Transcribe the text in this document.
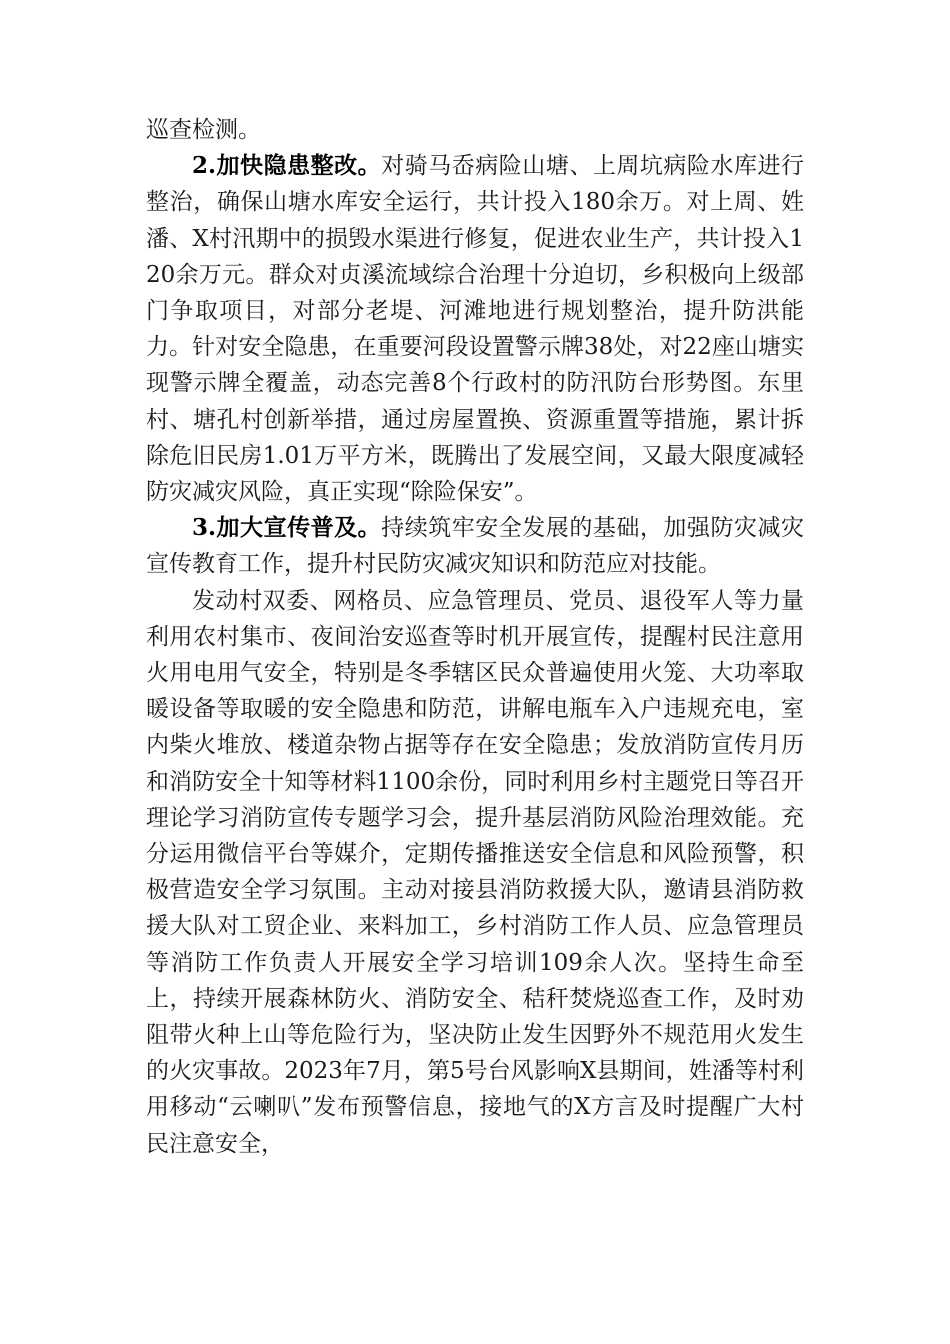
巡查检测。

2.加快隐患整改。对骑马岙病险山塘、上周坑病险水库进行整治，确保山塘水库安全运行，共计投入180余万。对上周、姓潘、X村汛期中的损毁水渠进行修复，促进农业生产，共计投入120余万元。群众对贞溪流域综合治理十分迫切，乡积极向上级部门争取项目，对部分老堤、河滩地进行规划整治，提升防洪能力。针对安全隐患，在重要河段设置警示牌38处，对22座山塘实现警示牌全覆盖，动态完善8个行政村的防汛防台形势图。东里村、塘孔村创新举措，通过房屋置换、资源重置等措施，累计拆除危旧民房1.01万平方米，既腾出了发展空间，又最大限度减轻防灾减灾风险，真正实现“除险保安”。

3.加大宣传普及。持续筑牢安全发展的基础，加强防灾减灾宣传教育工作，提升村民防灾减灾知识和防范应对技能。

发动村双委、网格员、应急管理员、党员、退役军人等力量利用农村集市、夜间治安巡查等时机开展宣传，提醒村民注意用火用电用气安全，特别是冬季辖区民众普遍使用火笼、大功率取暖设备等取暖的安全隐患和防范，讲解电瓶车入户违规充电，室内柴火堆放、楼道杂物占据等存在安全隐患；发放消防宣传月历和消防安全十知等材料1100余份，同时利用乡村主题党日等召开理论学习消防宣传专题学习会，提升基层消防风险治理效能。充分运用微信平台等媒介，定期传播推送安全信息和风险预警，积极营造安全学习氛围。主动对接县消防救援大队，邀请县消防救援大队对工贸企业、来料加工，乡村消防工作人员、应急管理员等消防工作负责人开展安全学习培训109余人次。坚持生命至上，持续开展森林防火、消防安全、秸秆焚烧巡查工作，及时劝阻带火种上山等危险行为，坚决防止发生因野外不规范用火发生的火灾事故。2023年7月，第5号台风影响X县期间，姓潘等村利用移动“云喇叭”发布预警信息，接地气的X方言及时提醒广大村民注意安全，
